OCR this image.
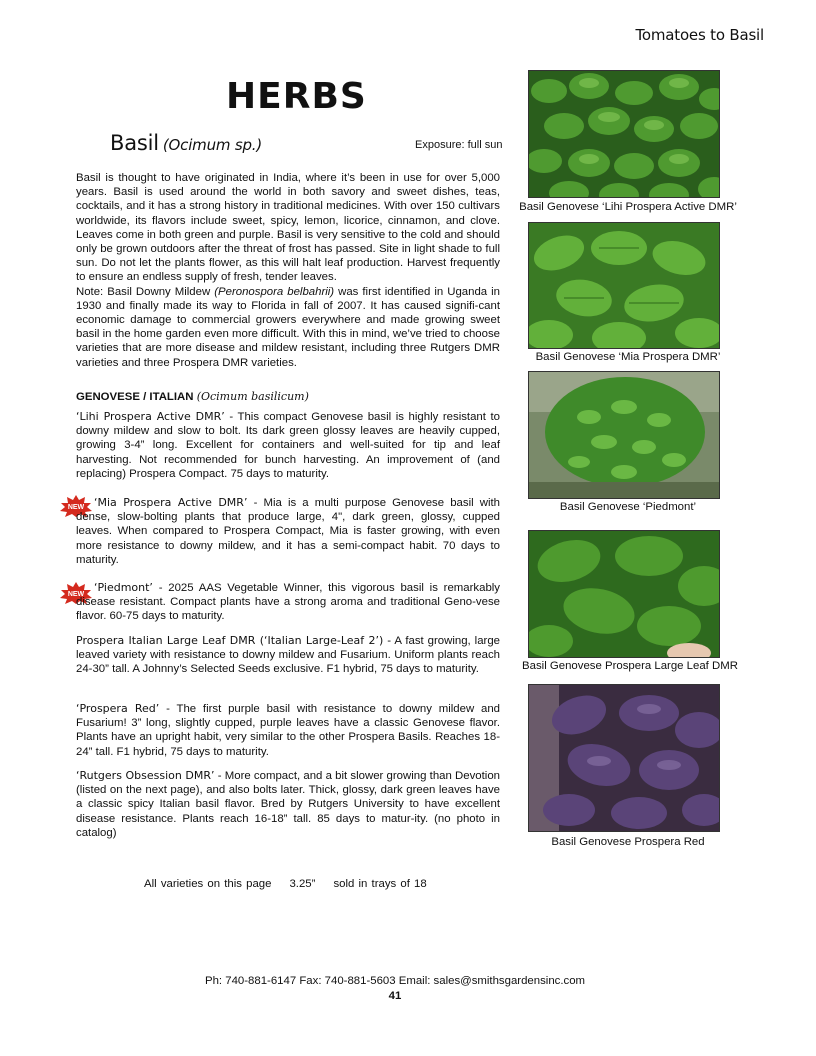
Tomatoes to Basil
HERBS
Basil (Ocimum sp.)	Exposure: full sun

Basil is thought to have originated in India, where it’s been in use for over 5,000 years. Basil is used around the world in both savory and sweet dishes, teas, cocktails, and it has a strong history in traditional medicines. With over 150 cultivars worldwide, its flavors include sweet, spicy, lemon, licorice, cinnamon, and clove. Leaves come in both green and purple. Basil is very sensitive to the cold and should only be grown outdoors after the threat of frost has passed. Site in light shade to full sun. Do not let the plants flower, as this will halt leaf production. Harvest frequently to ensure an endless supply of fresh, tender leaves.

Note: Basil Downy Mildew (Peronospora belbahrii) was first identified in Uganda in 1930 and finally made its way to Florida in fall of 2007. It has caused signifi-cant economic damage to commercial growers everywhere and made growing sweet basil in the home garden even more difficult. With this in mind, we’ve tried to choose varieties that are more disease and mildew resistant, including three Rutgers DMR varieties and three Prospera DMR varieties.

GENOVESE / ITALIAN (Ocimum basilicum)
‘Lihi Prospera Active DMR’ - This compact Genovese basil is highly resistant to downy mildew and slow to bolt. Its dark green glossy leaves are heavily cupped, growing 3-4” long. Excellent for containers and well-suited for tip and leaf harvesting. Not recommended for bunch harvesting. An improvement of (and replacing) Prospera Compact. 75 days to maturity.
NEW ‘Mia Prospera Active DMR’ - Mia is a multi purpose Genovese basil with dense, slow-bolting plants that produce large, 4", dark green, glossy, cupped leaves. When compared to Prospera Compact, Mia is faster growing, with even more resistance to downy mildew, and it has a semi-compact habit. 70 days to maturity.
NEW
‘Piedmont’ - 2025 AAS Vegetable Winner, this vigorous basil is remarkably disease resistant. Compact plants have a strong aroma and traditional Geno-vese flavor. 60-75 days to maturity.
Prospera Italian Large Leaf DMR (‘Italian Large-Leaf 2’) - A fast growing, large leaved variety with resistance to downy mildew and Fusarium. Uniform plants reach 24-30” tall. A Johnny’s Selected Seeds exclusive. F1 hybrid, 75 days to maturity.
‘Prospera Red’ - The first purple basil with resistance to downy mildew and Fusarium! 3” long, slightly cupped, purple leaves have a classic Genovese flavor. Plants have an upright habit, very similar to the other Prospera Basils. Reaches 18-24” tall. F1 hybrid, 75 days to maturity.
‘Rutgers Obsession DMR’ - More compact, and a bit slower growing than Devotion (listed on the next page), and also bolts later. Thick, glossy, dark green leaves have a classic spicy Italian basil flavor. Bred by Rutgers University to have excellent disease resistance. Plants reach 16-18” tall. 85 days to matur-ity. (no photo in catalog)
All varieties on this page 3.25” sold in trays of 18
Ph: 740-881-6147 Fax: 740-881-5603 Email: sales@smithsgardensinc.com
41
Basil Genovese ‘Lihi Prospera Active DMR’
Basil Genovese ‘Mia Prospera DMR’
Basil Genovese ‘Piedmont’
Basil Genovese Prospera Large Leaf DMR
Basil Genovese Prospera Red
